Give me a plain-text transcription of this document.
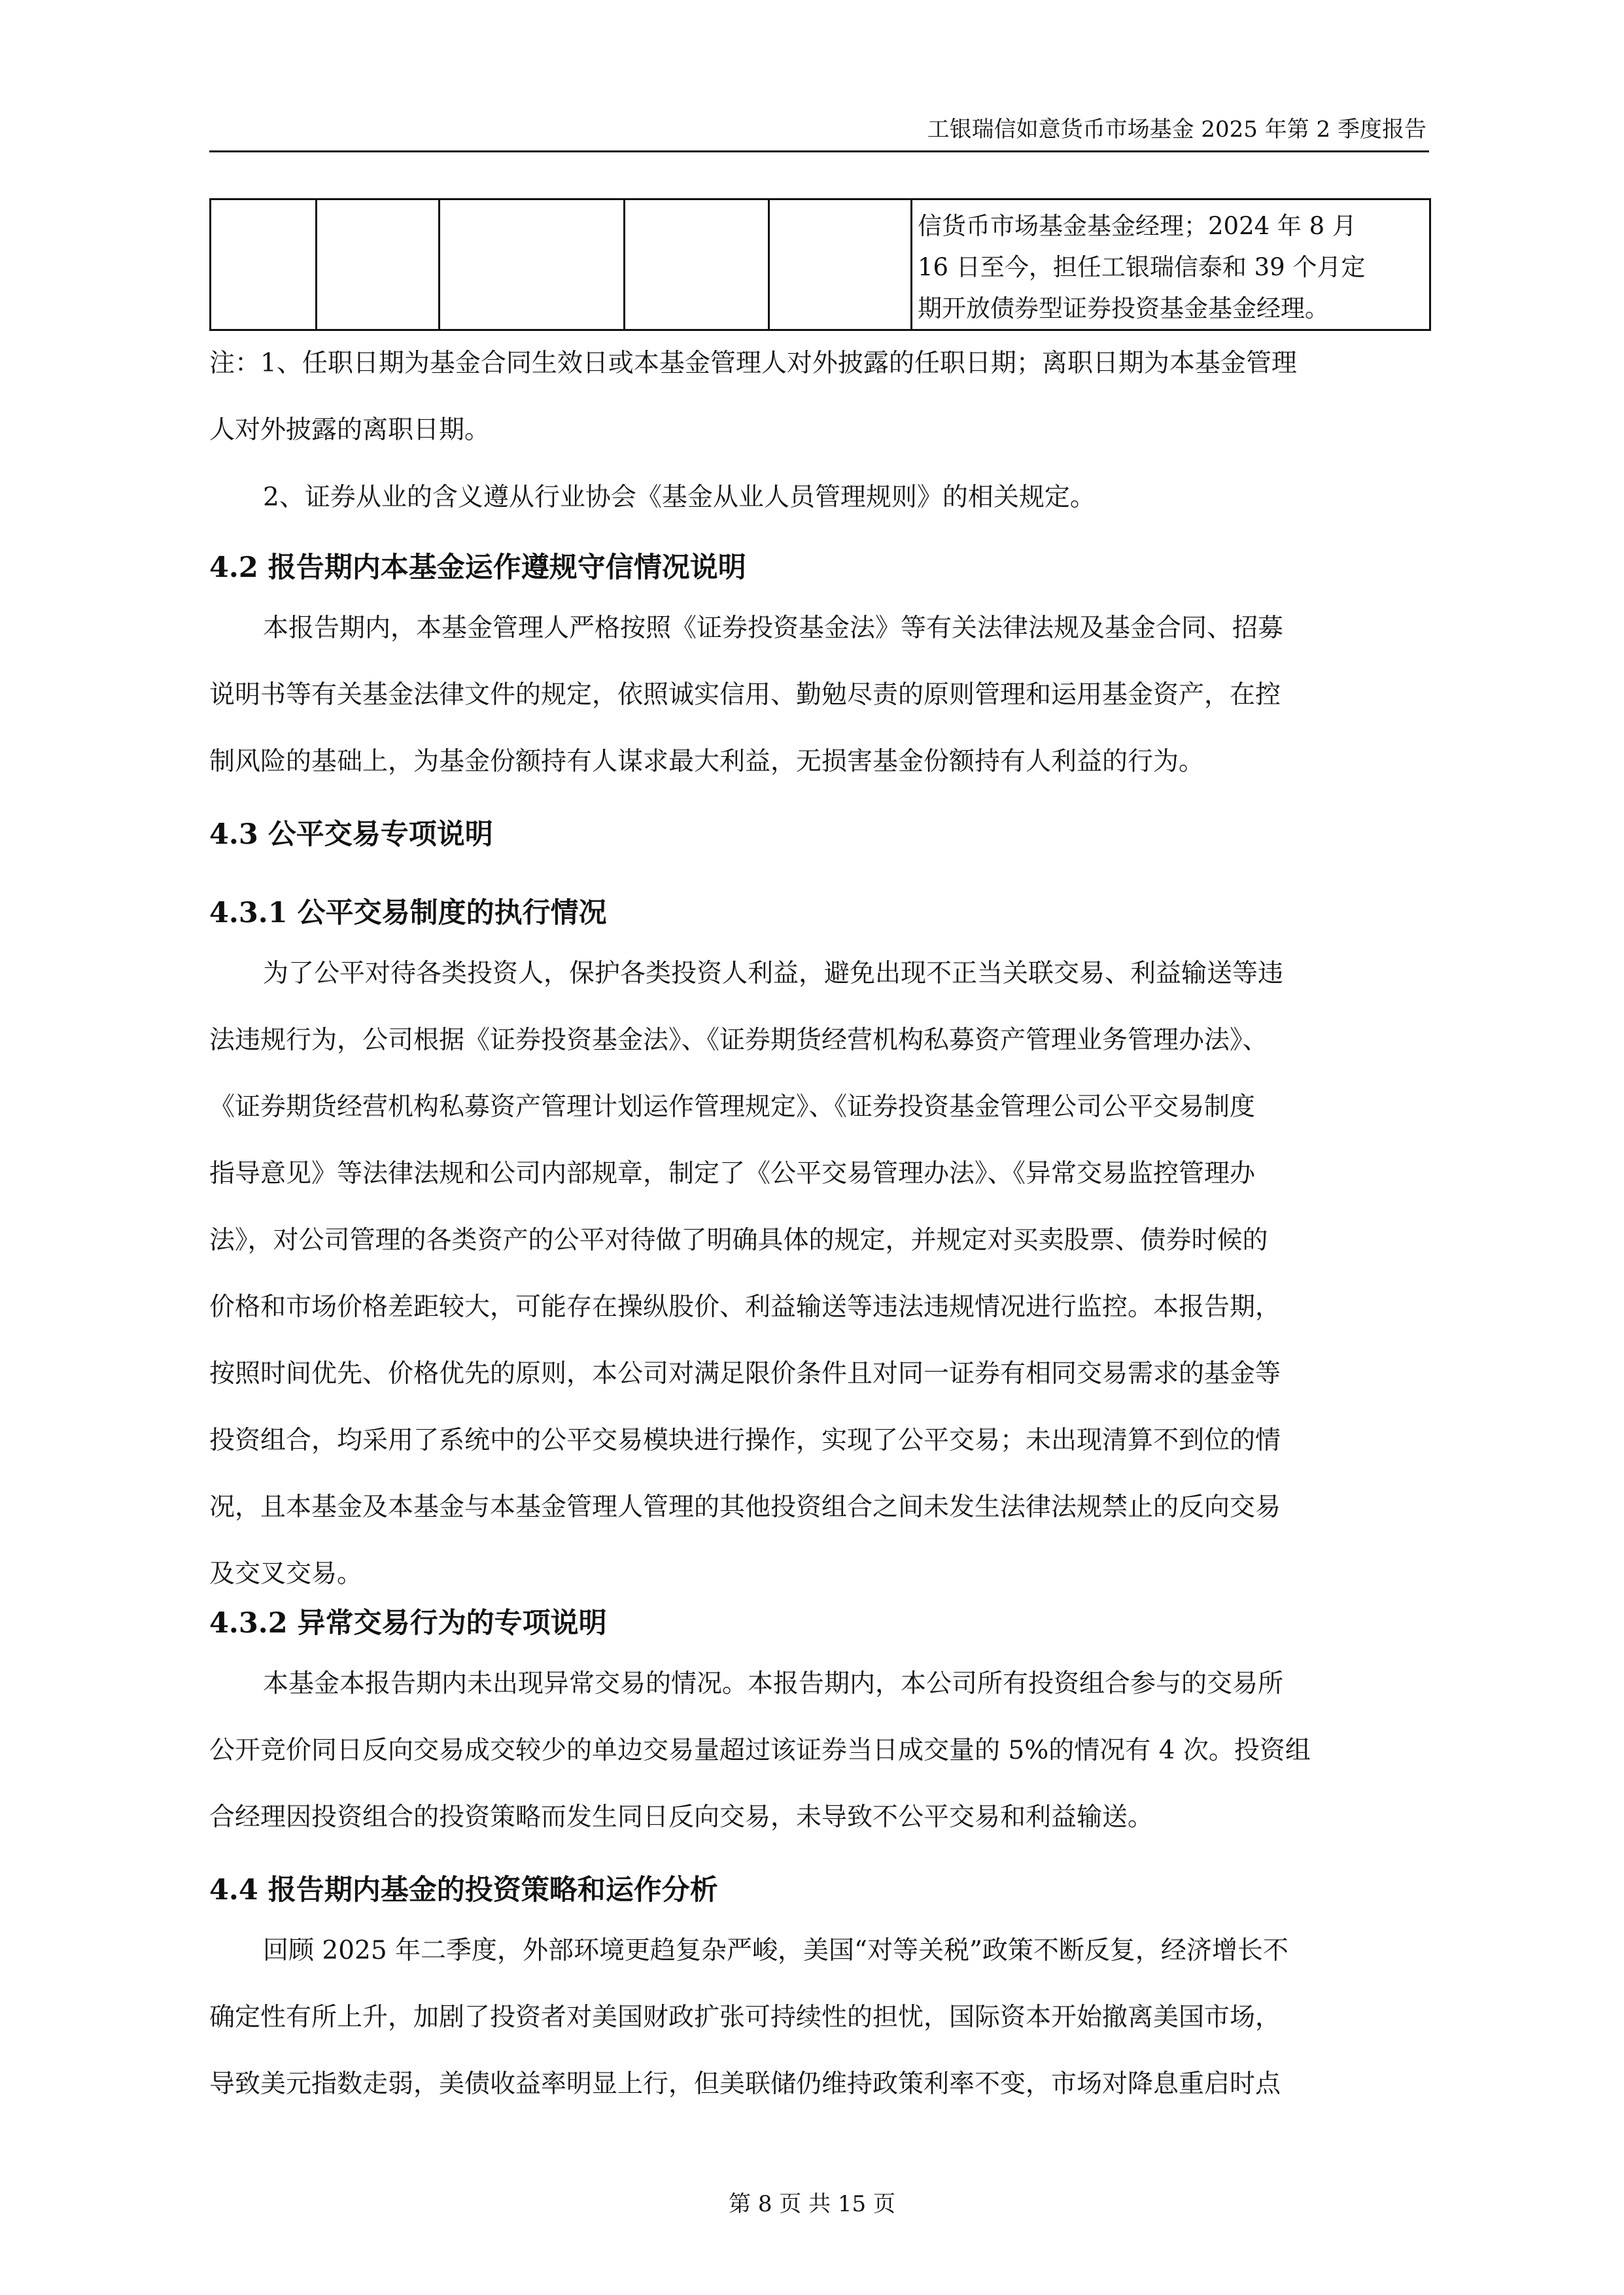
工银瑞信如意货币市场基金 2025 年第 2 季度报告

信货币市场基金基金经理；2024 年 8 月
16 日至今，担任工银瑞信泰和 39 个月定
期开放债券型证券投资基金基金经理。
注：1、任职日期为基金合同生效日或本基金管理人对外披露的任职日期；离职日期为本基金管理
人对外披露的离职日期。
2、证券从业的含义遵从行业协会《基金从业人员管理规则》的相关规定。
4.2 报告期内本基金运作遵规守信情况说明
本报告期内，本基金管理人严格按照《证券投资基金法》等有关法律法规及基金合同、招募
说明书等有关基金法律文件的规定，依照诚实信用、勤勉尽责的原则管理和运用基金资产，在控
制风险的基础上，为基金份额持有人谋求最大利益，无损害基金份额持有人利益的行为。
4.3 公平交易专项说明
4.3.1 公平交易制度的执行情况
为了公平对待各类投资人，保护各类投资人利益，避免出现不正当关联交易、利益输送等违
法违规行为，公司根据《证券投资基金法》、《证券期货经营机构私募资产管理业务管理办法》、
《证券期货经营机构私募资产管理计划运作管理规定》、《证券投资基金管理公司公平交易制度
指导意见》等法律法规和公司内部规章，制定了《公平交易管理办法》、《异常交易监控管理办
法》，对公司管理的各类资产的公平对待做了明确具体的规定，并规定对买卖股票、债券时候的
价格和市场价格差距较大，可能存在操纵股价、利益输送等违法违规情况进行监控。本报告期，
按照时间优先、价格优先的原则，本公司对满足限价条件且对同一证券有相同交易需求的基金等
投资组合，均采用了系统中的公平交易模块进行操作，实现了公平交易；未出现清算不到位的情
况，且本基金及本基金与本基金管理人管理的其他投资组合之间未发生法律法规禁止的反向交易
及交叉交易。
4.3.2 异常交易行为的专项说明
本基金本报告期内未出现异常交易的情况。本报告期内，本公司所有投资组合参与的交易所
公开竞价同日反向交易成交较少的单边交易量超过该证券当日成交量的 5%的情况有 4 次。投资组
合经理因投资组合的投资策略而发生同日反向交易，未导致不公平交易和利益输送。
4.4 报告期内基金的投资策略和运作分析
回顾 2025 年二季度，外部环境更趋复杂严峻，美国“对等关税”政策不断反复，经济增长不
确定性有所上升，加剧了投资者对美国财政扩张可持续性的担忧，国际资本开始撤离美国市场，
导致美元指数走弱，美债收益率明显上行，但美联储仍维持政策利率不变，市场对降息重启时点
第 8 页 共 15 页
